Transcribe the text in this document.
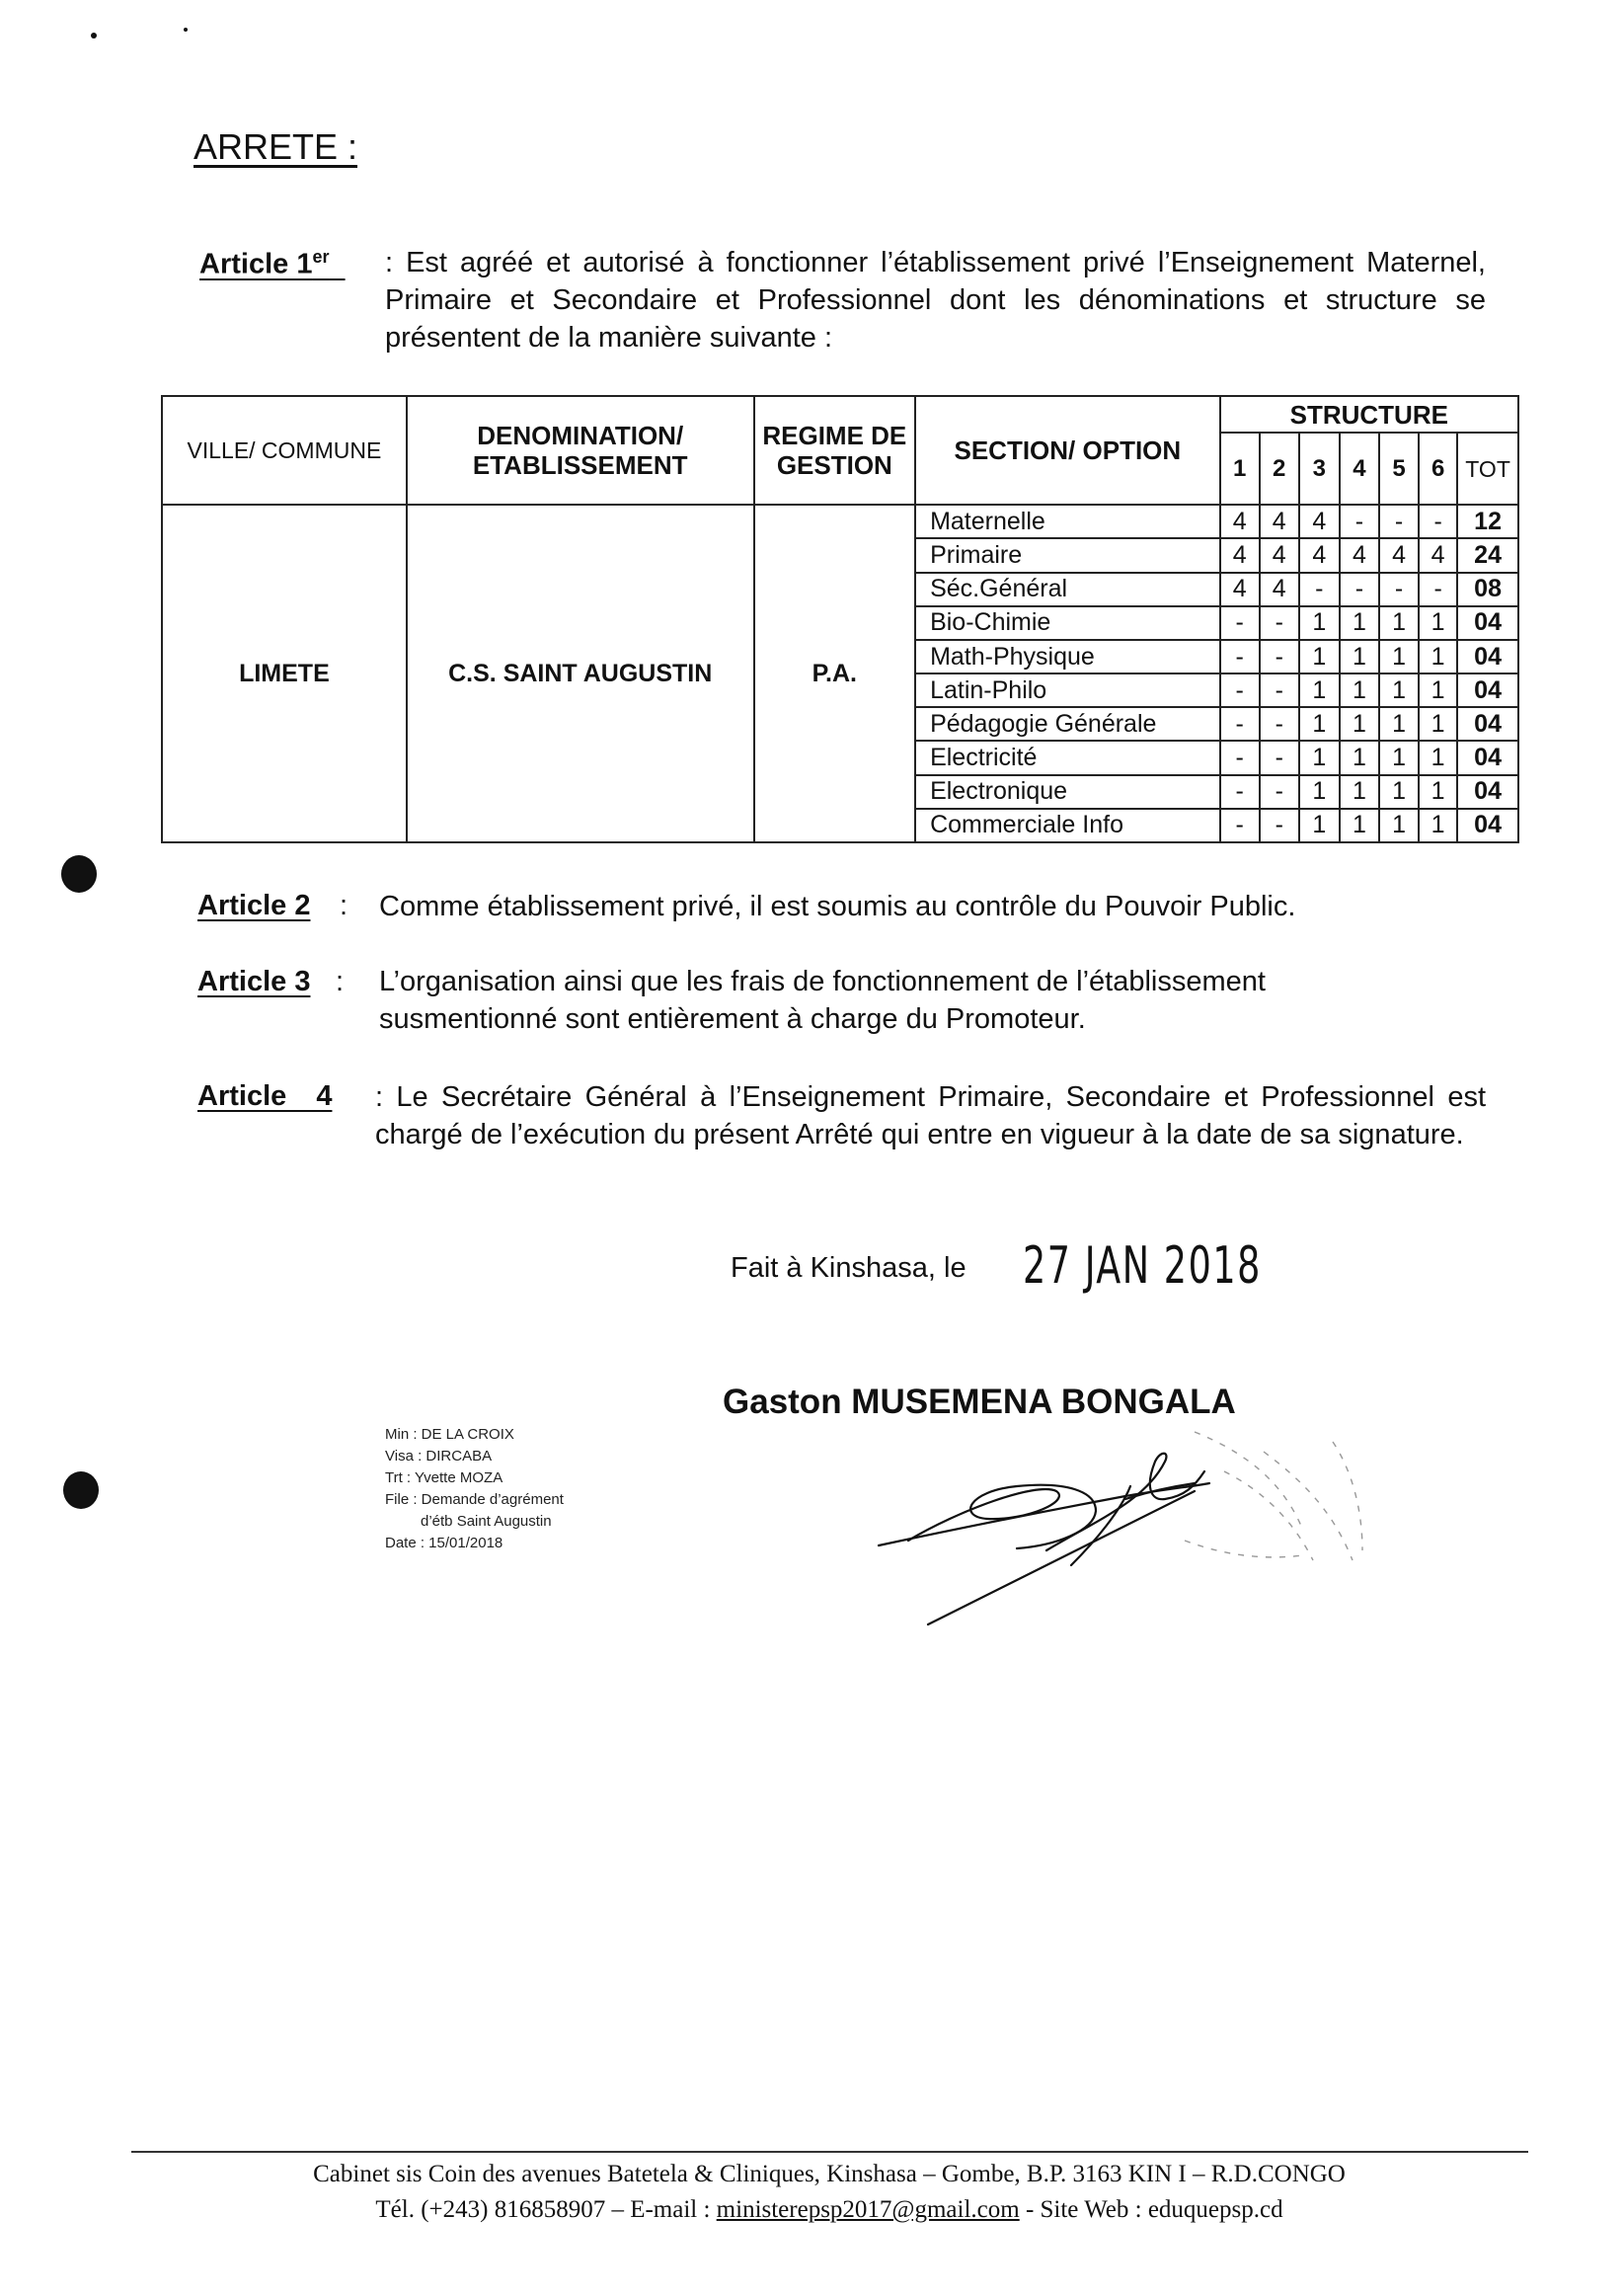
ARRETE :
Article 1er	: Est agréé et autorisé à fonctionner l’établissement privé l’Enseignement Maternel, Primaire et Secondaire et Professionnel dont les dénominations et structure se présentent de la manière suivante :
VILLE/ COMMUNE	DENOMINATION/ ETABLISSEMENT	REGIME DE GESTION	SECTION/ OPTION	STRUCTURE						
				1	2	3	4	5	6	TOT
LIMETE	C.S. SAINT AUGUSTIN	P.A.	Maternelle	4	4	4	-	-	-	12
			Primaire	4	4	4	4	4	4	24
			Séc.Général	4	4	-	-	-	-	08
			Bio-Chimie	-	-	1	1	1	1	04
			Math-Physique	-	-	1	1	1	1	04
			Latin-Philo	-	-	1	1	1	1	04
			Pédagogie Générale	-	-	1	1	1	1	04
			Electricité	-	-	1	1	1	1	04
			Electronique	-	-	1	1	1	1	04
			Commerciale Info	-	-	1	1	1	1	04
Article 2 : Comme établissement privé, il est soumis au contrôle du Pouvoir Public.
Article 3 : L’organisation ainsi que les frais de fonctionnement de l’établissement susmentionné sont entièrement à charge du Promoteur.
Article 4 : Le Secrétaire Général à l’Enseignement Primaire, Secondaire et Professionnel est chargé de l’exécution du présent Arrêté qui entre en vigueur à la date de sa signature.
Fait à Kinshasa, le 27 JAN 2018
Gaston MUSEMENA BONGALA
Min : DE LA CROIX
Visa : DIRCABA
Trt : Yvette MOZA
File : Demande d’agrément
d’étb Saint Augustin
Date : 15/01/2018
Cabinet sis Coin des avenues Batetela & Cliniques, Kinshasa – Gombe, B.P. 3163 KIN I – R.D.CONGO
Tél. (+243) 816858907 – E-mail : ministerepsp2017@gmail.com - Site Web : eduquepsp.cd
